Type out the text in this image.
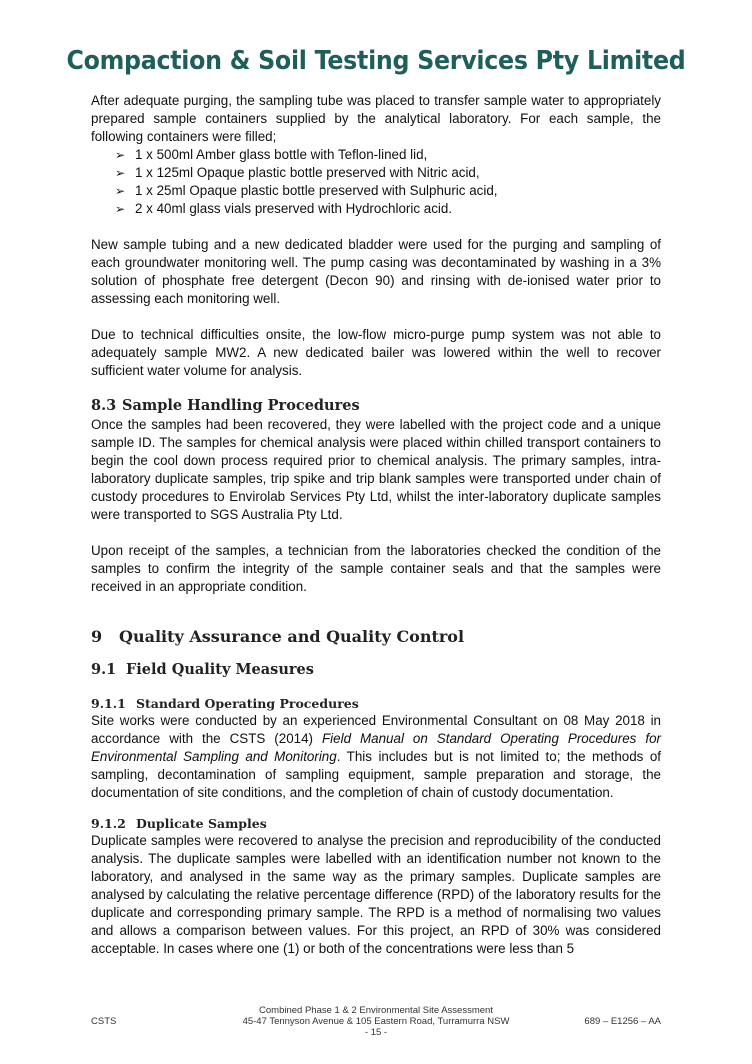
Compaction & Soil Testing Services Pty Limited

After adequate purging, the sampling tube was placed to transfer sample water to appropriately prepared sample containers supplied by the analytical laboratory. For each sample, the following containers were filled;

➢ 1 x 500ml Amber glass bottle with Teflon-lined lid,
➢ 1 x 125ml Opaque plastic bottle preserved with Nitric acid,
➢ 1 x 25ml Opaque plastic bottle preserved with Sulphuric acid,
➢ 2 x 40ml glass vials preserved with Hydrochloric acid.

New sample tubing and a new dedicated bladder were used for the purging and sampling of each groundwater monitoring well. The pump casing was decontaminated by washing in a 3% solution of phosphate free detergent (Decon 90) and rinsing with de-ionised water prior to assessing each monitoring well.

Due to technical difficulties onsite, the low-flow micro-purge pump system was not able to adequately sample MW2. A new dedicated bailer was lowered within the well to recover sufficient water volume for analysis.

8.3 Sample Handling Procedures

Once the samples had been recovered, they were labelled with the project code and a unique sample ID. The samples for chemical analysis were placed within chilled transport containers to begin the cool down process required prior to chemical analysis. The primary samples, intra-laboratory duplicate samples, trip spike and trip blank samples were transported under chain of custody procedures to Envirolab Services Pty Ltd, whilst the inter-laboratory duplicate samples were transported to SGS Australia Pty Ltd.

Upon receipt of the samples, a technician from the laboratories checked the condition of the samples to confirm the integrity of the sample container seals and that the samples were received in an appropriate condition.

9 Quality Assurance and Quality Control
9.1 Field Quality Measures
9.1.1 Standard Operating Procedures

Site works were conducted by an experienced Environmental Consultant on 08 May 2018 in accordance with the CSTS (2014) Field Manual on Standard Operating Procedures for Environmental Sampling and Monitoring. This includes but is not limited to; the methods of sampling, decontamination of sampling equipment, sample preparation and storage, the documentation of site conditions, and the completion of chain of custody documentation.

9.1.2 Duplicate Samples

Duplicate samples were recovered to analyse the precision and reproducibility of the conducted analysis. The duplicate samples were labelled with an identification number not known to the laboratory, and analysed in the same way as the primary samples. Duplicate samples are analysed by calculating the relative percentage difference (RPD) of the laboratory results for the duplicate and corresponding primary sample. The RPD is a method of normalising two values and allows a comparison between values. For this project, an RPD of 30% was considered acceptable. In cases where one (1) or both of the concentrations were less than 5

Combined Phase 1 & 2 Environmental Site Assessment
CSTS	45-47 Tennyson Avenue & 105 Eastern Road, Turramurra NSW	689 – E1256 – AA
- 15 -
